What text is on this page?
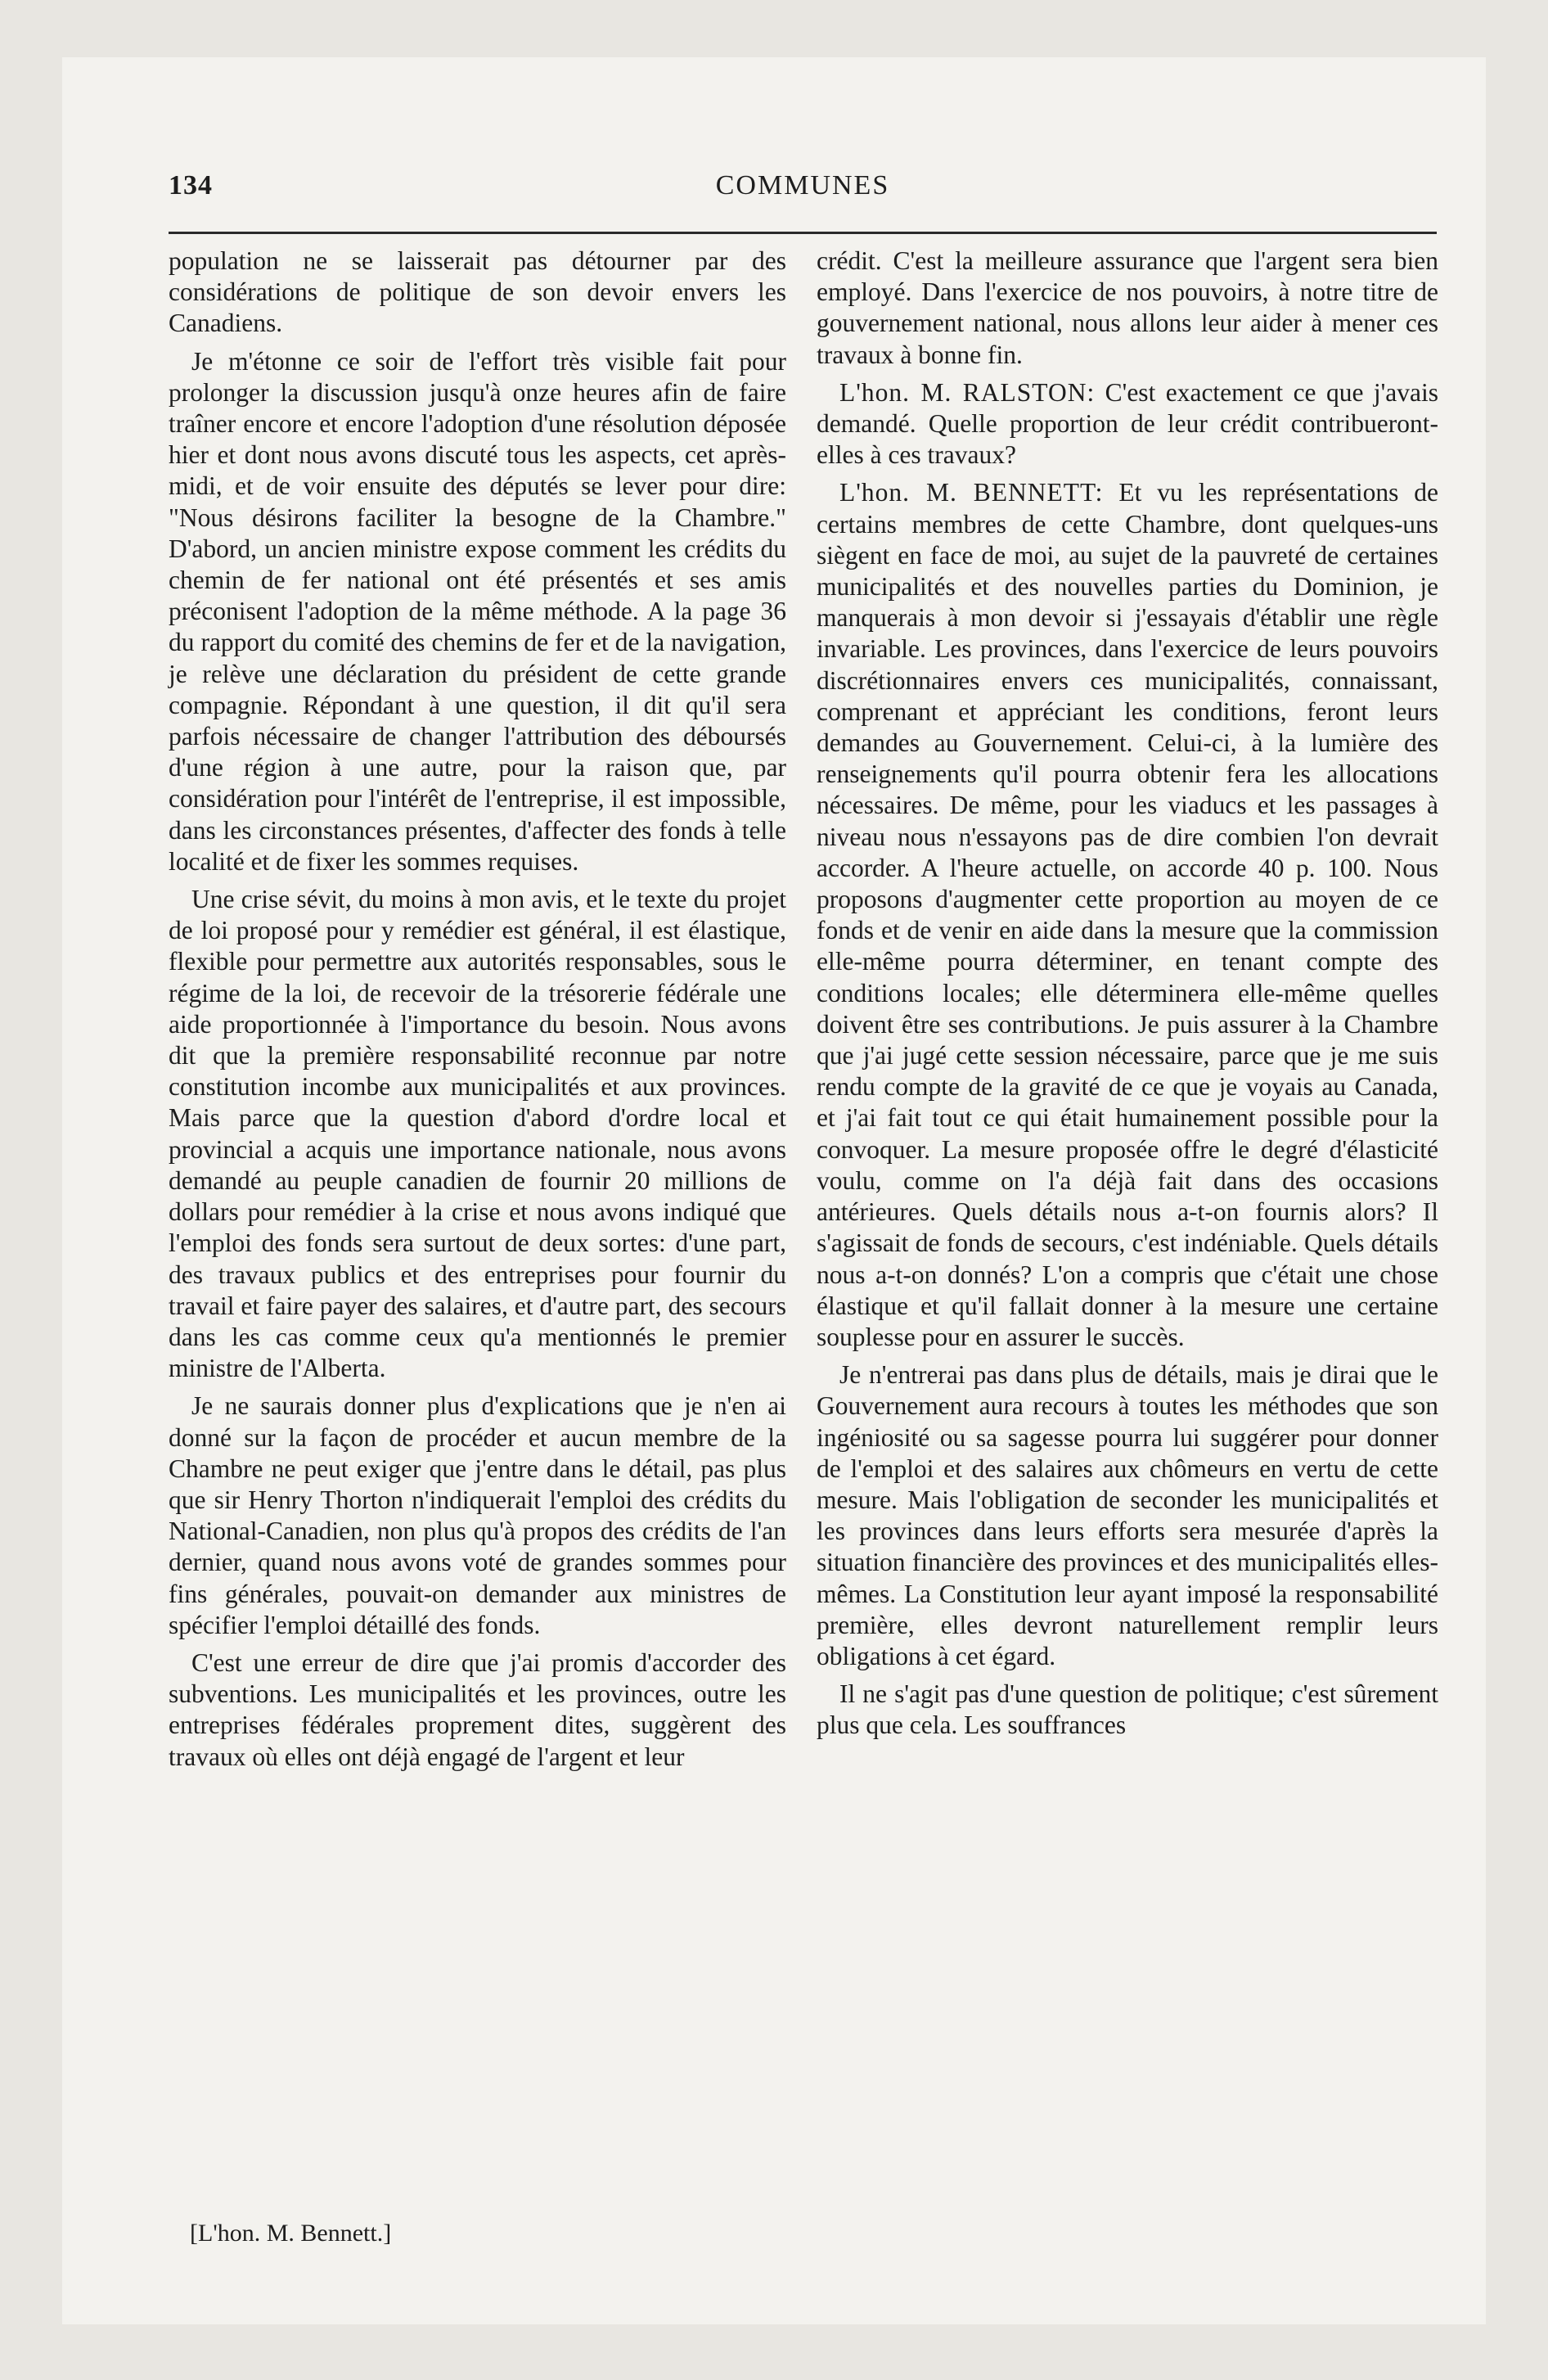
COMMUNES
134

population ne se laisserait pas détourner par des considérations de politique de son devoir envers les Canadiens.

Je m'étonne ce soir de l'effort très visible fait pour prolonger la discussion jusqu'à onze heures afin de faire traîner encore et encore l'adoption d'une résolution déposée hier et dont nous avons discuté tous les aspects, cet après-midi, et de voir ensuite des députés se lever pour dire: "Nous désirons faciliter la besogne de la Chambre." D'abord, un ancien ministre expose comment les crédits du chemin de fer national ont été présentés et ses amis préconisent l'adoption de la même méthode. A la page 36 du rapport du comité des chemins de fer et de la navigation, je relève une déclaration du président de cette grande compagnie. Répondant à une question, il dit qu'il sera parfois nécessaire de changer l'attribution des déboursés d'une région à une autre, pour la raison que, par considération pour l'intérêt de l'entreprise, il est impossible, dans les circonstances présentes, d'affecter des fonds à telle localité et de fixer les sommes requises.

Une crise sévit, du moins à mon avis, et le texte du projet de loi proposé pour y remédier est général, il est élastique, flexible pour permettre aux autorités responsables, sous le régime de la loi, de recevoir de la trésorerie fédérale une aide proportionnée à l'importance du besoin. Nous avons dit que la première responsabilité reconnue par notre constitution incombe aux municipalités et aux provinces. Mais parce que la question d'abord d'ordre local et provincial a acquis une importance nationale, nous avons demandé au peuple canadien de fournir 20 millions de dollars pour remédier à la crise et nous avons indiqué que l'emploi des fonds sera surtout de deux sortes: d'une part, des travaux publics et des entreprises pour fournir du travail et faire payer des salaires, et d'autre part, des secours dans les cas comme ceux qu'a mentionnés le premier ministre de l'Alberta.

Je ne saurais donner plus d'explications que je n'en ai donné sur la façon de procéder et aucun membre de la Chambre ne peut exiger que j'entre dans le détail, pas plus que sir Henry Thorton n'indiquerait l'emploi des crédits du National-Canadien, non plus qu'à propos des crédits de l'an dernier, quand nous avons voté de grandes sommes pour fins générales, pouvait-on demander aux ministres de spécifier l'emploi détaillé des fonds.

C'est une erreur de dire que j'ai promis d'accorder des subventions. Les municipalités et les provinces, outre les entreprises fédérales proprement dites, suggèrent des travaux où elles ont déjà engagé de l'argent et leur

crédit. C'est la meilleure assurance que l'argent sera bien employé. Dans l'exercice de nos pouvoirs, à notre titre de gouvernement national, nous allons leur aider à mener ces travaux à bonne fin.

L'hon. M. RALSTON: C'est exactement ce que j'avais demandé. Quelle proportion de leur crédit contribueront-elles à ces travaux?

L'hon. M. BENNETT: Et vu les représentations de certains membres de cette Chambre, dont quelques-uns siègent en face de moi, au sujet de la pauvreté de certaines municipalités et des nouvelles parties du Dominion, je manquerais à mon devoir si j'essayais d'établir une règle invariable. Les provinces, dans l'exercice de leurs pouvoirs discrétionnaires envers ces municipalités, connaissant, comprenant et appréciant les conditions, feront leurs demandes au Gouvernement. Celui-ci, à la lumière des renseignements qu'il pourra obtenir fera les allocations nécessaires. De même, pour les viaducs et les passages à niveau nous n'essayons pas de dire combien l'on devrait accorder. A l'heure actuelle, on accorde 40 p. 100. Nous proposons d'augmenter cette proportion au moyen de ce fonds et de venir en aide dans la mesure que la commission elle-même pourra déterminer, en tenant compte des conditions locales; elle déterminera elle-même quelles doivent être ses contributions. Je puis assurer à la Chambre que j'ai jugé cette session nécessaire, parce que je me suis rendu compte de la gravité de ce que je voyais au Canada, et j'ai fait tout ce qui était humainement possible pour la convoquer. La mesure proposée offre le degré d'élasticité voulu, comme on l'a déjà fait dans des occasions antérieures. Quels détails nous a-t-on fournis alors? Il s'agissait de fonds de secours, c'est indéniable. Quels détails nous a-t-on donnés? L'on a compris que c'était une chose élastique et qu'il fallait donner à la mesure une certaine souplesse pour en assurer le succès.

Je n'entrerai pas dans plus de détails, mais je dirai que le Gouvernement aura recours à toutes les méthodes que son ingéniosité ou sa sagesse pourra lui suggérer pour donner de l'emploi et des salaires aux chômeurs en vertu de cette mesure. Mais l'obligation de seconder les municipalités et les provinces dans leurs efforts sera mesurée d'après la situation financière des provinces et des municipalités elles-mêmes. La Constitution leur ayant imposé la responsabilité première, elles devront naturellement remplir leurs obligations à cet égard.

Il ne s'agit pas d'une question de politique; c'est sûrement plus que cela. Les souffrances

[L'hon. M. Bennett.]
